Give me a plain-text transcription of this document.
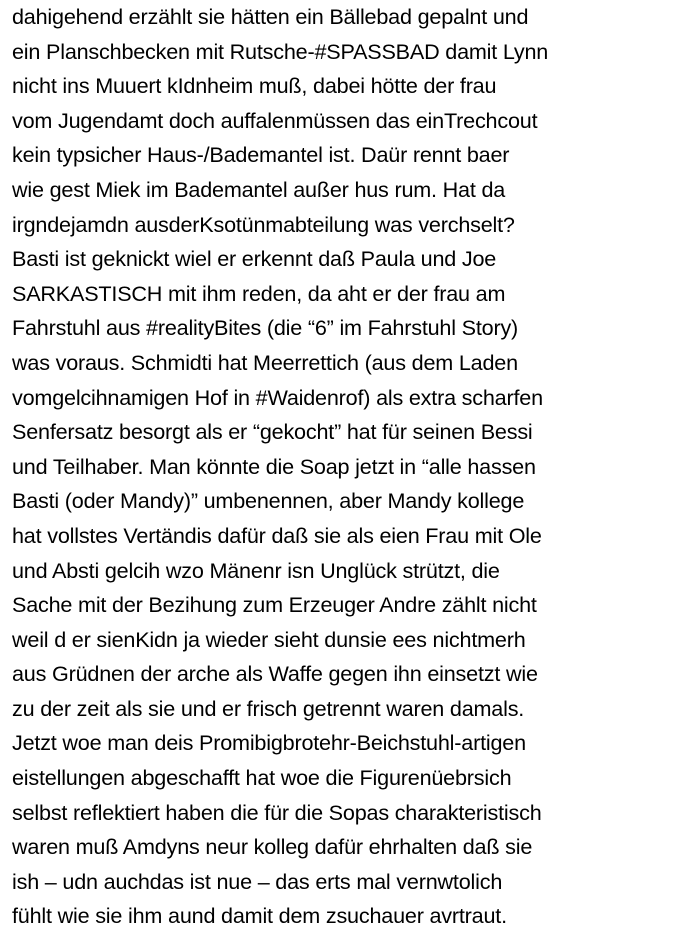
dahigehend erzählt sie hätten ein Bällebad gepalnt und
ein Planschbecken mit Rutsche-#SPASSBAD damit Lynn
nicht ins Muuert kIdnheim muß, dabei hötte der frau
vom Jugendamt doch auffalenmüssen das einTrechcout
kein typsicher Haus-/Bademantel ist. Daür rennt baer
wie gest Miek im Bademantel außer hus rum. Hat da
irgndejamdn ausderKsotünmabteilung was verchselt?
Basti ist geknickt wiel er erkennt daß Paula und Joe
SARKASTISCH mit ihm reden, da aht er der frau am
Fahrstuhl aus #realityBites (die “6” im Fahrstuhl Story)
was voraus. Schmidti hat Meerrettich (aus dem Laden
vomgelcihnamigen Hof in #Waidenrof) als extra scharfen
Senfersatz besorgt als er “gekocht” hat für seinen Bessi
und Teilhaber. Man könnte die Soap jetzt in “alle hassen
Basti (oder Mandy)” umbenennen, aber Mandy kollege
hat vollstes Vertändis dafür daß sie als eien Frau mit Ole
und Absti gelcih wzo Mänenr isn Unglück strützt, die
Sache mit der Bezihung zum Erzeuger Andre zählt nicht
weil d er sienKidn ja wieder sieht dunsie ees nichtmerh
aus Grüdnen der arche als Waffe gegen ihn einsetzt wie
zu der zeit als sie und er frisch getrennt waren damals.
Jetzt woe man deis Promibigbrotehr-Beichstuhl-artigen
eistellungen abgeschafft hat woe die Figurenüebrsich
selbst reflektiert haben die für die Sopas charakteristisch
waren muß Amdyns neur kolleg dafür ehrhalten daß sie
ish – udn auchdas ist nue – das erts mal vernwtolich
fühlt wie sie ihm aund damit dem zsuchauer avrtraut.
